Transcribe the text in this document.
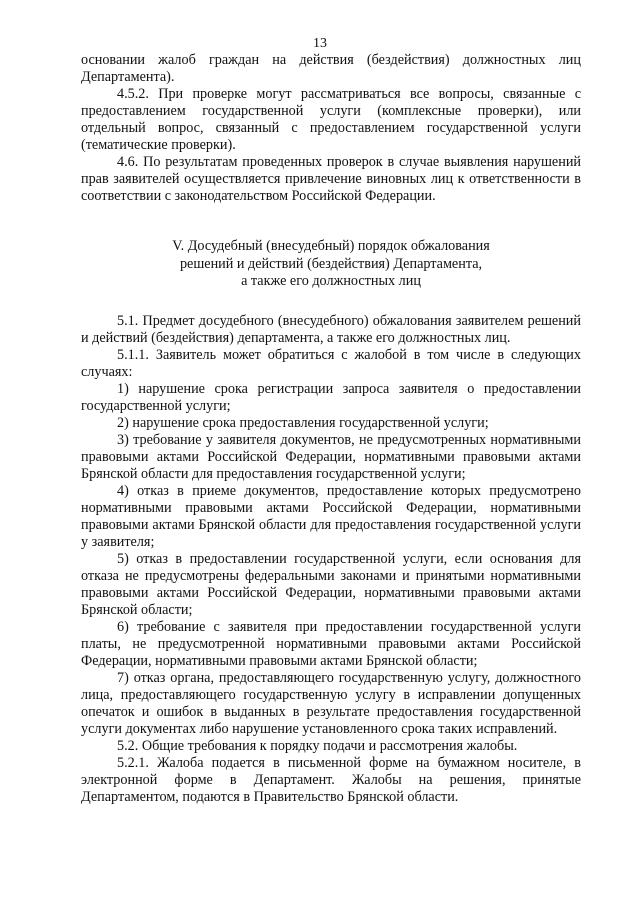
13

основании жалоб граждан на действия (бездействия) должностных лиц Департамента).

4.5.2. При проверке могут рассматриваться все вопросы, связанные с предоставлением государственной услуги (комплексные проверки), или отдельный вопрос, связанный с предоставлением государственной услуги (тематические проверки).

4.6. По результатам проведенных проверок в случае выявления нарушений прав заявителей осуществляется привлечение виновных лиц к ответственности в соответствии с законодательством Российской Федерации.

V. Досудебный (внесудебный) порядок обжалования
решений и действий (бездействия) Департамента,
а также его должностных лиц

5.1. Предмет досудебного (внесудебного) обжалования заявителем решений и действий (бездействия) департамента, а также его должностных лиц.

5.1.1. Заявитель может обратиться с жалобой в том числе в следующих случаях:

1) нарушение срока регистрации запроса заявителя о предоставлении государственной услуги;

2) нарушение срока предоставления государственной услуги;

3) требование у заявителя документов, не предусмотренных нормативными правовыми актами Российской Федерации, нормативными правовыми актами Брянской области для предоставления государственной услуги;

4) отказ в приеме документов, предоставление которых предусмотрено нормативными правовыми актами Российской Федерации, нормативными правовыми актами Брянской области для предоставления государственной услуги у заявителя;

5) отказ в предоставлении государственной услуги, если основания для отказа не предусмотрены федеральными законами и принятыми нормативными правовыми актами Российской Федерации, нормативными правовыми актами Брянской области;

6) требование с заявителя при предоставлении государственной услуги платы, не предусмотренной нормативными правовыми актами Российской Федерации, нормативными правовыми актами Брянской области;

7) отказ органа, предоставляющего государственную услугу, должностного лица, предоставляющего государственную услугу в исправлении допущенных опечаток и ошибок в выданных в результате предоставления государственной услуги документах либо нарушение установленного срока таких исправлений.

5.2. Общие требования к порядку подачи и рассмотрения жалобы.

5.2.1. Жалоба подается в письменной форме на бумажном носителе, в электронной форме в Департамент. Жалобы на решения, принятые Департаментом, подаются в Правительство Брянской области.
